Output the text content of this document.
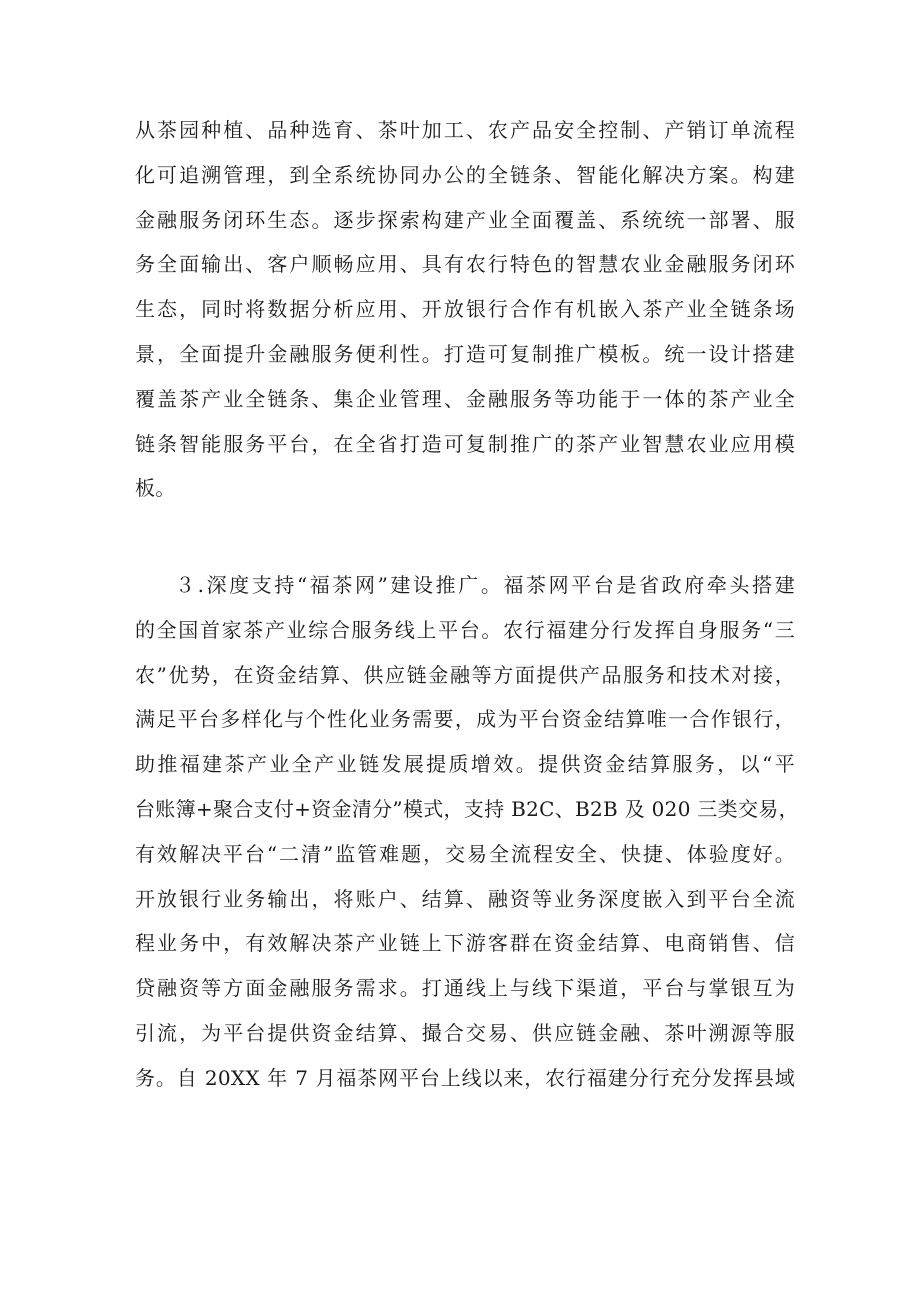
从茶园种植、品种选育、茶叶加工、农产品安全控制、产销订单流程
化可追溯管理，到全系统协同办公的全链条、智能化解决方案。构建
金融服务闭环生态。逐步探索构建产业全面覆盖、系统统一部署、服
务全面输出、客户顺畅应用、具有农行特色的智慧农业金融服务闭环
生态，同时将数据分析应用、开放银行合作有机嵌入茶产业全链条场
景，全面提升金融服务便利性。打造可复制推广模板。统一设计搭建
覆盖茶产业全链条、集企业管理、金融服务等功能于一体的茶产业全
链条智能服务平台，在全省打造可复制推广的茶产业智慧农业应用模
板。
３.深度支持“福茶网”建设推广。福茶网平台是省政府牵头搭建
的全国首家茶产业综合服务线上平台。农行福建分行发挥自身服务“三
农”优势，在资金结算、供应链金融等方面提供产品服务和技术对接，
满足平台多样化与个性化业务需要，成为平台资金结算唯一合作银行，
助推福建茶产业全产业链发展提质增效。提供资金结算服务，以“平
台账簿+聚合支付+资金清分”模式，支持 B2C、B2B 及 020 三类交易，
有效解决平台“二清”监管难题，交易全流程安全、快捷、体验度好。
开放银行业务输出，将账户、结算、融资等业务深度嵌入到平台全流
程业务中，有效解决茶产业链上下游客群在资金结算、电商销售、信
贷融资等方面金融服务需求。打通线上与线下渠道，平台与掌银互为
引流，为平台提供资金结算、撮合交易、供应链金融、茶叶溯源等服
务。自 20XX 年 7 月福茶网平台上线以来，农行福建分行充分发挥县域
